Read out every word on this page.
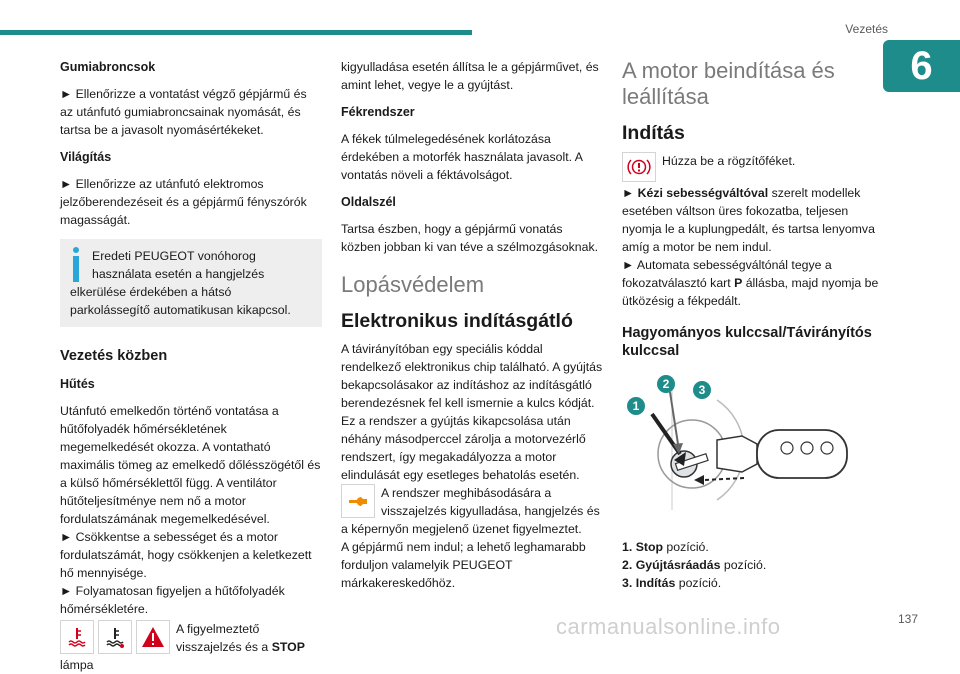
Vezetés
6
Gumiabroncsok

► Ellenőrizze a vontatást végző gépjármű és az utánfutó gumiabroncsainak nyomását, és tartsa be a javasolt nyomásértékeket.

Világítás

► Ellenőrizze az utánfutó elektromos jelzőberendezéseit és a gépjármű fényszórók magasságát.

Eredeti PEUGEOT vonóhorog használata esetén a hangjelzés elkerülése érdekében a hátsó parkolássegítő automatikusan kikapcsol.
Vezetés közben
Hűtés

Utánfutó emelkedőn történő vontatása a hűtőfolyadék hőmérsékletének megemelkedését okozza. A vontatható maximális tömeg az emelkedő dőlésszögétől és a külső hőmérséklettől függ. A ventilátor hűtőteljesítménye nem nő a motor fordulatszámának megemelkedésével.

► Csökkentse a sebességet és a motor fordulatszámát, hogy csökkenjen a keletkezett hő mennyisége.

► Folyamatosan figyeljen a hűtőfolyadék hőmérsékletére.

A figyelmeztető visszajelzés és a STOP lámpa

kigyulladása esetén állítsa le a gépjárművet, és amint lehet, vegye le a gyújtást.

Fékrendszer

A fékek túlmelegedésének korlátozása érdekében a motorfék használata javasolt. A vontatás növeli a féktávolságot.

Oldalszél

Tartsa észben, hogy a gépjármű vonatás közben jobban ki van téve a szélmozgásoknak.

Lopásvédelem
Elektronikus indításgátló

A távirányítóban egy speciális kóddal rendelkező elektronikus chip található. A gyújtás bekapcsolásakor az indításhoz az indításgátló berendezésnek fel kell ismernie a kulcs kódját. Ez a rendszer a gyújtás kikapcsolása után néhány másodperccel zárolja a motorvezérlő rendszert, így megakadályozza a motor elindulását egy esetleges behatolás esetén.

A rendszer meghibásodására a visszajelzés kigyulladása, hangjelzés és a képernyőn megjelenő üzenet figyelmeztet.

A gépjármű nem indul; a lehető leghamarabb forduljon valamelyik PEUGEOT márkakereskedőhöz.

A motor beindítása és leállítása
Indítás
Húzza be a rögzítőféket.

► Kézi sebességváltóval szerelt modellek esetében váltson üres fokozatba, teljesen nyomja le a kuplungpedált, és tartsa lenyomva amíg a motor be nem indul.

► Automata sebességváltónál tegye a fokozatválasztó kart P állásba, majd nyomja be ütközésig a fékpedált.

Hagyományos kulccsal/Távirányítós kulccsal
1
2 3
1. Stop pozíció.
2. Gyújtásráadás pozíció.
3. Indítás pozíció.
carmanualsonline.info	137
